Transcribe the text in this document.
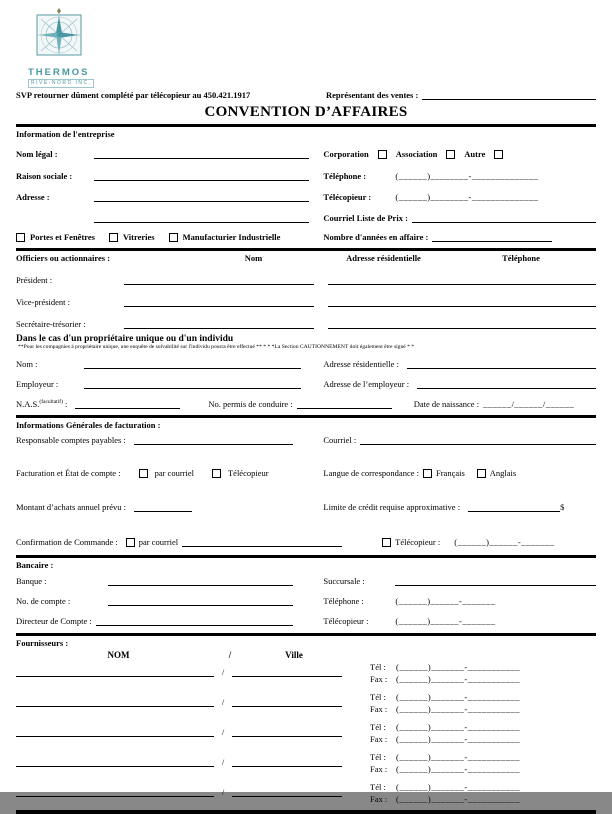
THERMOS
RIVE-NORD INC.
SVP retourner dûment complété par télécopieur au 450.421.1917	Représentant des ventes :
CONVENTION D’AFFAIRES
Information de l'entreprise
Nom légal :	Corporation	Association	Autre
Raison sociale :	Téléphone :	(______)________-______________
Adresse :	Télécopieur :	(______)________-______________
Courriel Liste de Prix :
Portes et Fenêtres	Vitreries	Manufacturier Industrielle	Nombre d'années en affaire :
Officiers ou actionnaires :	Nom	Adresse résidentielle	Téléphone
Président :
Vice-président :
Secrétaire-trésorier :
Dans le cas d'un propriétaire unique ou d'un individu
**Pour les compagnies à propriétaire unique, une enquête de solvabilité sur l'individu pourra être effectué ** * * *La Section CAUTIONNEMENT doit également être signé * *
Nom :	Adresse résidentielle :
Employeur :	Adresse de l’employeur :
N.A.S.$^{(facultatif)}$ :	No. permis de conduire :	Date de naissance : ______/______/______
Informations Générales de facturation :
Responsable comptes payables :	Courriel :
Facturation et État de compte :	par courriel	Télécopieur	Langue de correspondance : Français	Anglais
Montant d’achats annuel prévu :	Limite de crédit requise approximative :	$
Confirmation de Commande : par courriel	Télécopieur : (______)______-_______
Bancaire :
Banque :	Succursale :
No. de compte :	Téléphone :	(______)______-_______
Directeur de Compte :	Télécopieur :	(______)______-_______
Fournisseurs :
NOM	/	Ville
/	Tél :	(______)_______-___________
Fax :	(______)_______-___________
/	Tél :	(______)_______-___________
Fax :	(______)_______-___________
/	Tél :	(______)_______-___________
Fax :	(______)_______-___________
/	Tél :	(______)_______-___________
Fax :	(______)_______-___________
/	Tél :	(______)_______-___________
Fax :	(______)_______-___________
